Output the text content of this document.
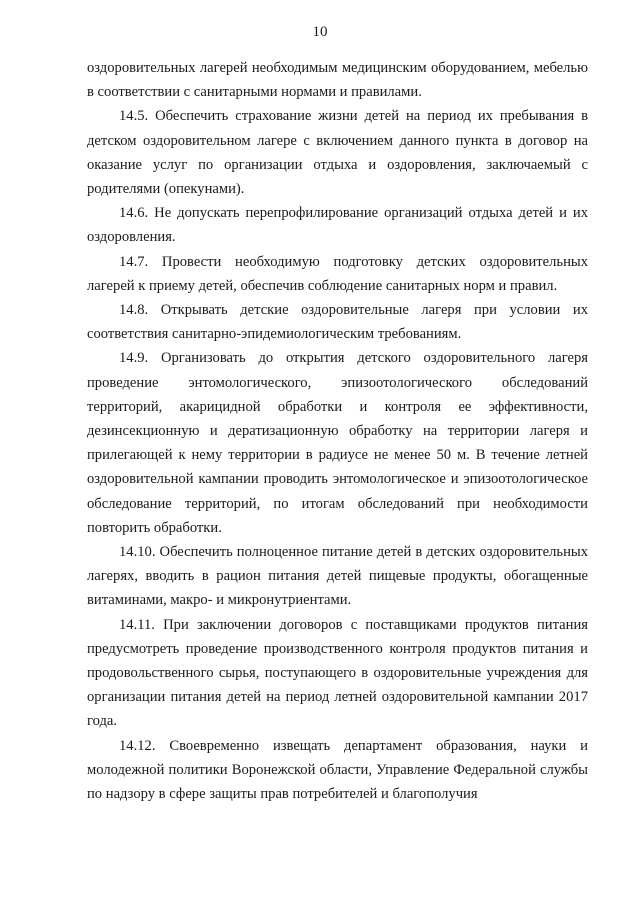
10

оздоровительных лагерей необходимым медицинским оборудованием, мебелью в соответствии с санитарными нормами и правилами.

14.5. Обеспечить страхование жизни детей на период их пребывания в детском оздоровительном лагере с включением данного пункта в договор на оказание услуг по организации отдыха и оздоровления, заключаемый с родителями (опекунами).

14.6. Не допускать перепрофилирование организаций отдыха детей и их оздоровления.

14.7. Провести необходимую подготовку детских оздоровительных лагерей к приему детей, обеспечив соблюдение санитарных норм и правил.

14.8. Открывать детские оздоровительные лагеря при условии их соответствия санитарно-эпидемиологическим требованиям.

14.9. Организовать до открытия детского оздоровительного лагеря проведение энтомологического, эпизоотологического обследований территорий, акарицидной обработки и контроля ее эффективности, дезинсекционную и дератизационную обработку на территории лагеря и прилегающей к нему территории в радиусе не менее 50 м. В течение летней оздоровительной кампании проводить энтомологическое и эпизоотологическое обследование территорий, по итогам обследований при необходимости повторить обработки.

14.10. Обеспечить полноценное питание детей в детских оздоровительных лагерях, вводить в рацион питания детей пищевые продукты, обогащенные витаминами, макро- и микронутриентами.

14.11. При заключении договоров с поставщиками продуктов питания предусмотреть проведение производственного контроля продуктов питания и продовольственного сырья, поступающего в оздоровительные учреждения для организации питания детей на период летней оздоровительной кампании 2017 года.

14.12. Своевременно извещать департамент образования, науки и молодежной политики Воронежской области, Управление Федеральной службы по надзору в сфере защиты прав потребителей и благополучия
